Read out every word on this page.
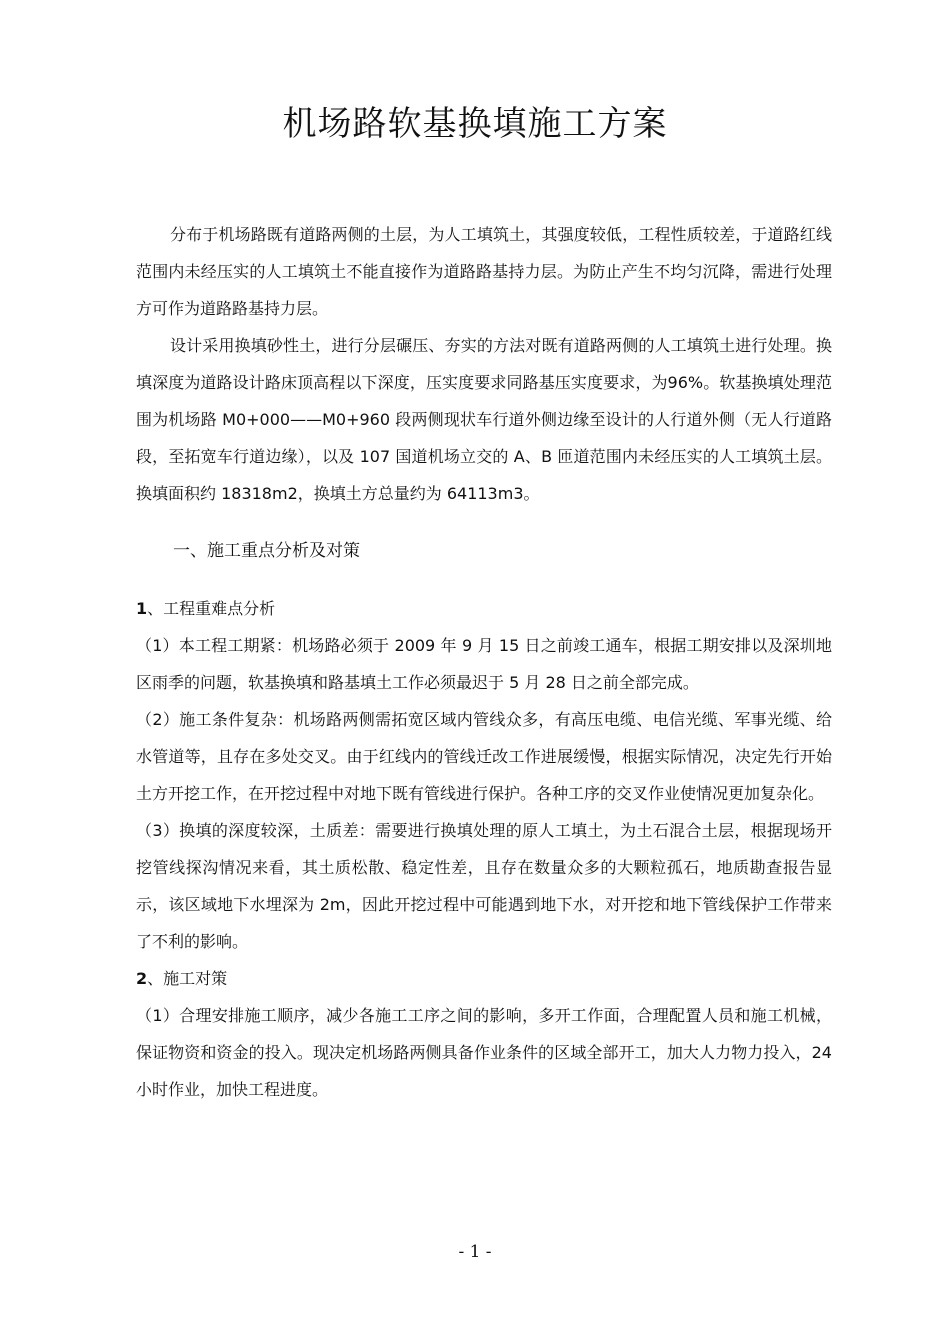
机场路软基换填施工方案

分布于机场路既有道路两侧的土层，为人工填筑土，其强度较低，工程性质较差，于道路红线范围内未经压实的人工填筑土不能直接作为道路路基持力层。为防止产生不均匀沉降，需进行处理方可作为道路路基持力层。

设计采用换填砂性土，进行分层碾压、夯实的方法对既有道路两侧的人工填筑土进行处理。换填深度为道路设计路床顶高程以下深度，压实度要求同路基压实度要求，为96%。软基换填处理范围为机场路 M0+000——M0+960 段两侧现状车行道外侧边缘至设计的人行道外侧（无人行道路段，至拓宽车行道边缘），以及 107 国道机场立交的 A、B 匝道范围内未经压实的人工填筑土层。换填面积约 18318m2，换填土方总量约为 64113m3。

一、施工重点分析及对策
1、工程重难点分析

（1）本工程工期紧：机场路必须于 2009 年 9 月 15 日之前竣工通车，根据工期安排以及深圳地区雨季的问题，软基换填和路基填土工作必须最迟于 5 月 28 日之前全部完成。

（2）施工条件复杂：机场路两侧需拓宽区域内管线众多，有高压电缆、电信光缆、军事光缆、给水管道等，且存在多处交叉。由于红线内的管线迁改工作进展缓慢，根据实际情况，决定先行开始土方开挖工作，在开挖过程中对地下既有管线进行保护。各种工序的交叉作业使情况更加复杂化。

（3）换填的深度较深，土质差：需要进行换填处理的原人工填土，为土石混合土层，根据现场开挖管线探沟情况来看，其土质松散、稳定性差，且存在数量众多的大颗粒孤石，地质勘查报告显示，该区域地下水埋深为 2m，因此开挖过程中可能遇到地下水，对开挖和地下管线保护工作带来了不利的影响。

2、施工对策

（1）合理安排施工顺序，减少各施工工序之间的影响，多开工作面，合理配置人员和施工机械，保证物资和资金的投入。现决定机场路两侧具备作业条件的区域全部开工，加大人力物力投入，24 小时作业，加快工程进度。

- 1 -
